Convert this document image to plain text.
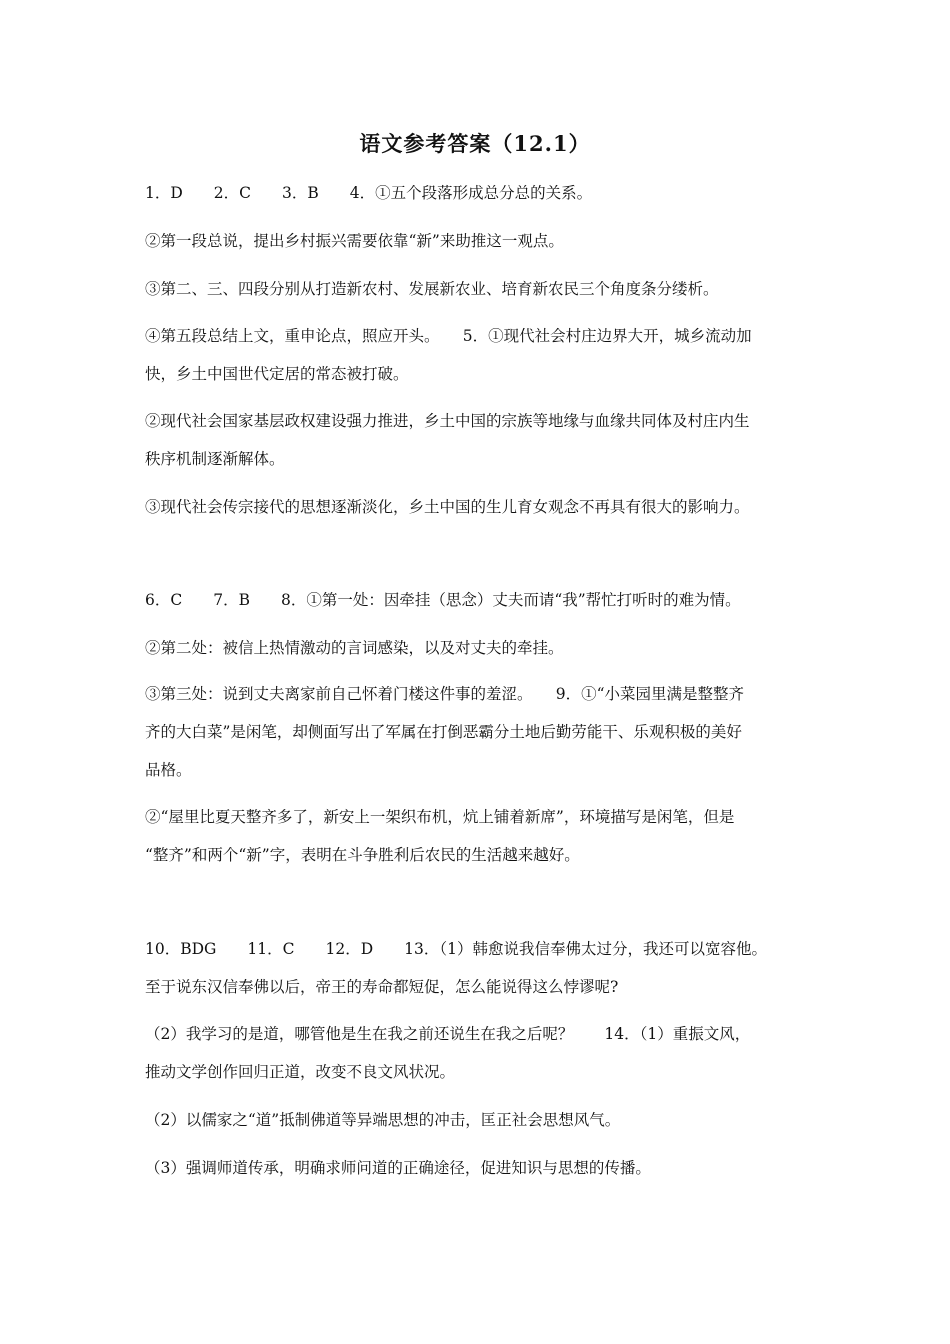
语文参考答案（12.1）
1．D　　2．C　　3．B　　4．①五个段落形成总分总的关系。
②第一段总说，提出乡村振兴需要依靠“新”来助推这一观点。
③第二、三、四段分别从打造新农村、发展新农业、培育新农民三个角度条分缕析。
④第五段总结上文，重申论点，照应开头。　　5．①现代社会村庄边界大开，城乡流动加
快，乡土中国世代定居的常态被打破。
②现代社会国家基层政权建设强力推进，乡土中国的宗族等地缘与血缘共同体及村庄内生
秩序机制逐渐解体。
③现代社会传宗接代的思想逐渐淡化，乡土中国的生儿育女观念不再具有很大的影响力。
6．C　　7．B　　8．①第一处：因牵挂（思念）丈夫而请“我”帮忙打听时的难为情。
②第二处：被信上热情激动的言词感染，以及对丈夫的牵挂。
③第三处：说到丈夫离家前自己怀着门楼这件事的羞涩。　　9．①“小菜园里满是整整齐
齐的大白菜”是闲笔，却侧面写出了军属在打倒恶霸分土地后勤劳能干、乐观积极的美好
品格。
②“屋里比夏天整齐多了，新安上一架织布机，炕上铺着新席”，环境描写是闲笔，但是
“整齐”和两个“新”字，表明在斗争胜利后农民的生活越来越好。
10．BDG　　11．C　　12．D　　13．（1）韩愈说我信奉佛太过分，我还可以宽容他。
至于说东汉信奉佛以后，帝王的寿命都短促，怎么能说得这么悖谬呢?
（2）我学习的是道，哪管他是生在我之前还说生在我之后呢？　　14．（1）重振文风，
推动文学创作回归正道，改变不良文风状况。
（2）以儒家之“道”抵制佛道等异端思想的冲击，匡正社会思想风气。
（3）强调师道传承，明确求师问道的正确途径，促进知识与思想的传播。
